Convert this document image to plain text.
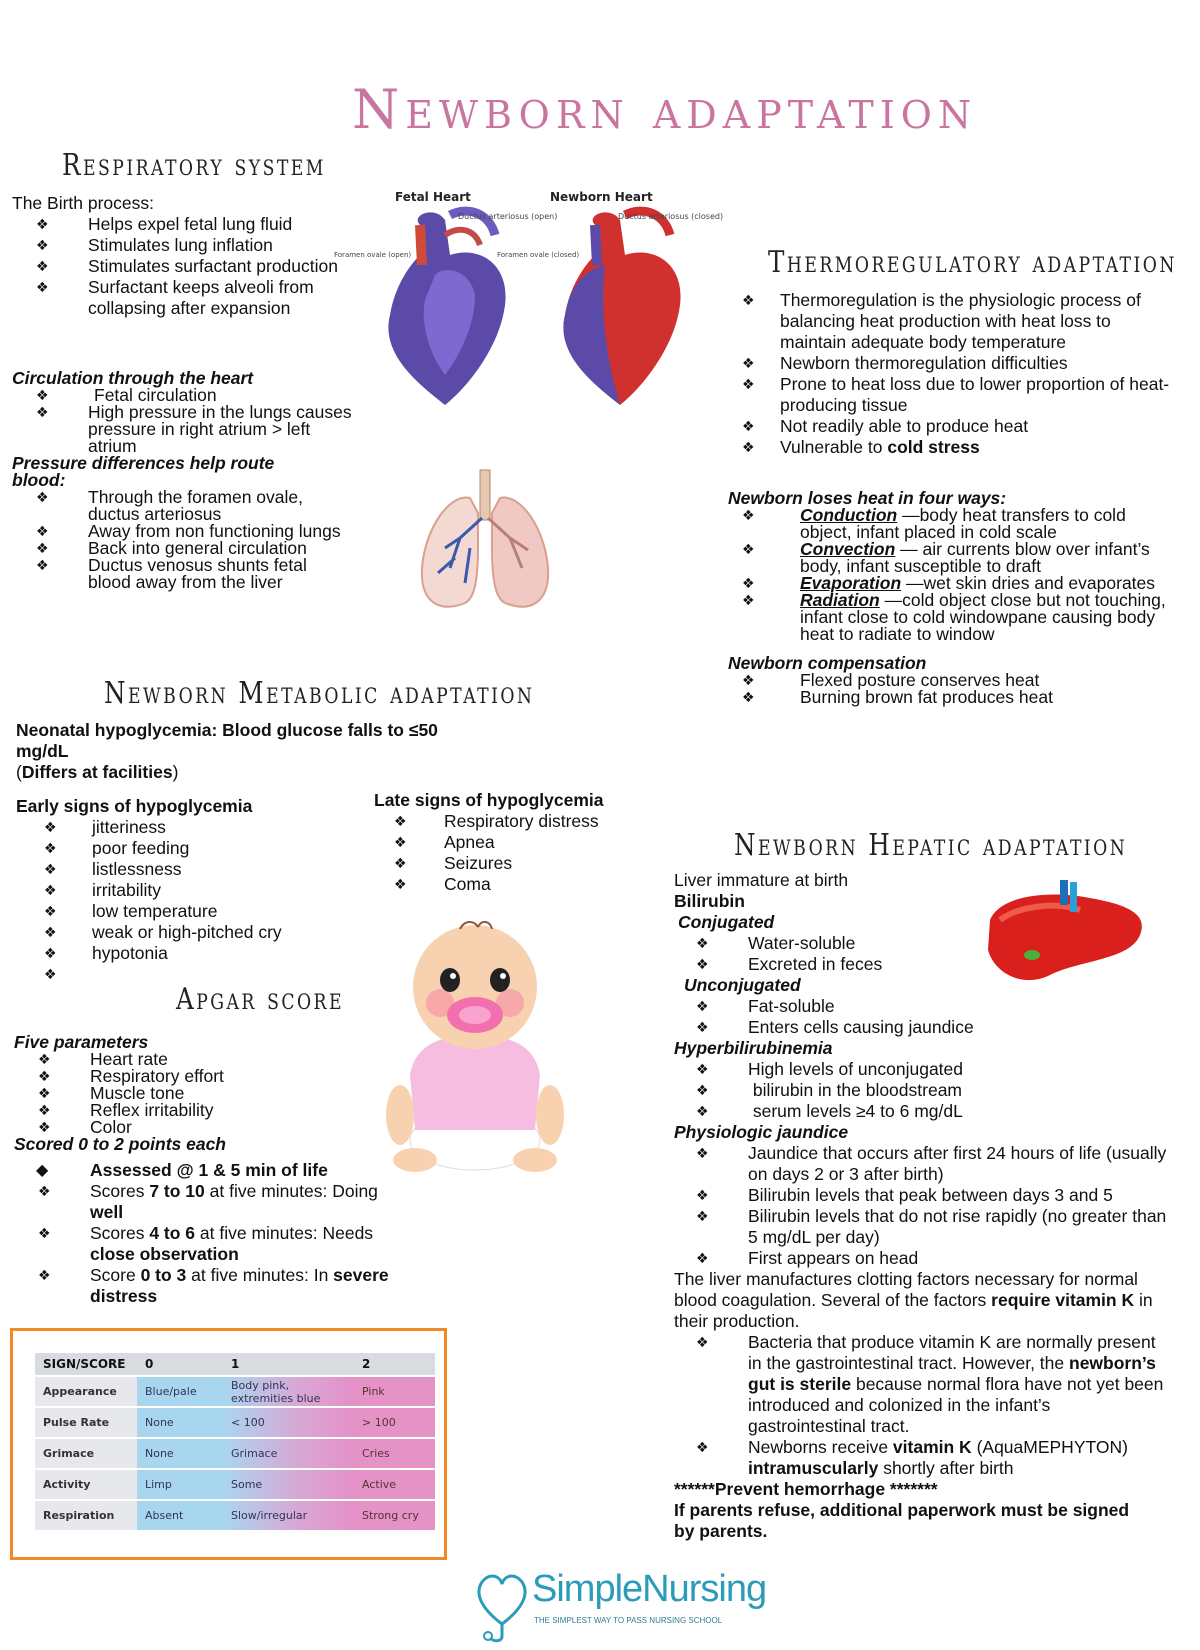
Newborn adaptation
Respiratory system
The Birth process:
❖ Helps expel fetal lung fluid
❖ Stimulates lung inflation
❖ Stimulates surfactant production
❖ Surfactant keeps alveoli from collapsing after expansion
Circulation through the heart
❖ Fetal circulation
❖ High pressure in the lungs causes pressure in right atrium > left atrium
Pressure differences help route blood:
❖ Through the foramen ovale, ductus arteriosus
❖ Away from non functioning lungs
❖ Back into general circulation
❖ Ductus venosus shunts fetal blood away from the liver
Fetal Heart	Newborn Heart
Ductus arteriosus (open)	Ductus arteriosus (closed)
Foramen ovale (open)	Foramen ovale (closed)	Thermoregulatory adaptation
❖ Thermoregulation is the physiologic process of balancing heat production with heat loss to maintain adequate body temperature
❖ Newborn thermoregulation difficulties
❖ Prone to heat loss due to lower proportion of heat-producing tissue
❖ Not readily able to produce heat
❖ Vulnerable to cold stress
Newborn loses heat in four ways:
❖ Conduction —body heat transfers to cold object, infant placed in cold scale
❖ Convection — air currents blow over infant’s body, infant susceptible to draft
❖ Evaporation —wet skin dries and evaporates
❖ Radiation —cold object close but not touching, infant close to cold windowpane causing body heat to radiate to window
Newborn compensation
❖ Flexed posture conserves heat
❖ Burning brown fat produces heat
Newborn Metabolic adaptation
Neonatal hypoglycemia: Blood glucose falls to ≤50 mg/dL
(Differs at facilities)
Early signs of hypoglycemia
❖ jitteriness
❖ poor feeding
❖ listlessness
❖ irritability
❖ low temperature
❖ weak or high-pitched cry
❖ hypotonia
❖
Late signs of hypoglycemia
❖ Respiratory distress
❖ Apnea
❖ Seizures
❖ Coma
Apgar score
Five parameters
❖ Heart rate
❖ Respiratory effort
❖ Muscle tone
❖ Reflex irritability
❖ Color
Scored 0 to 2 points each
◆ Assessed @ 1 & 5 min of life
❖ Scores 7 to 10 at five minutes: Doing well
❖ Scores 4 to 6 at five minutes: Needs close observation
❖ Score 0 to 3 at five minutes: In severe distress
SIGN/SCORE	0	1	2
Appearance	Blue/pale	Body pink, extremities blue	Pink
Pulse Rate	None	< 100	> 100
Grimace	None	Grimace	Cries
Activity	Limp	Some	Active
Respiration	Absent	Slow/irregular	Strong cry
Newborn Hepatic adaptation
Liver immature at birth
Bilirubin
Conjugated
❖ Water-soluble
❖ Excreted in feces
Unconjugated
❖ Fat-soluble
❖ Enters cells causing jaundice
Hyperbilirubinemia
❖ High levels of unconjugated
❖  bilirubin in the bloodstream
❖  serum levels ≥4 to 6 mg/dL
Physiologic jaundice
❖ Jaundice that occurs after first 24 hours of life (usually on days 2 or 3 after birth)
❖ Bilirubin levels that peak between days 3 and 5
❖ Bilirubin levels that do not rise rapidly (no greater than 5 mg/dL per day)
❖ First appears on head
The liver manufactures clotting factors necessary for normal blood coagulation. Several of the factors require vitamin K in their production.
❖ Bacteria that produce vitamin K are normally present in the gastrointestinal tract. However, the newborn’s gut is sterile because normal flora have not yet been introduced and colonized in the infant’s gastrointestinal tract.
❖ Newborns receive vitamin K (AquaMEPHYTON) intramuscularly shortly after birth
******Prevent hemorrhage *******
If parents refuse, additional paperwork must be signed by parents.
SimpleNursing
THE SIMPLEST WAY TO PASS NURSING SCHOOL
